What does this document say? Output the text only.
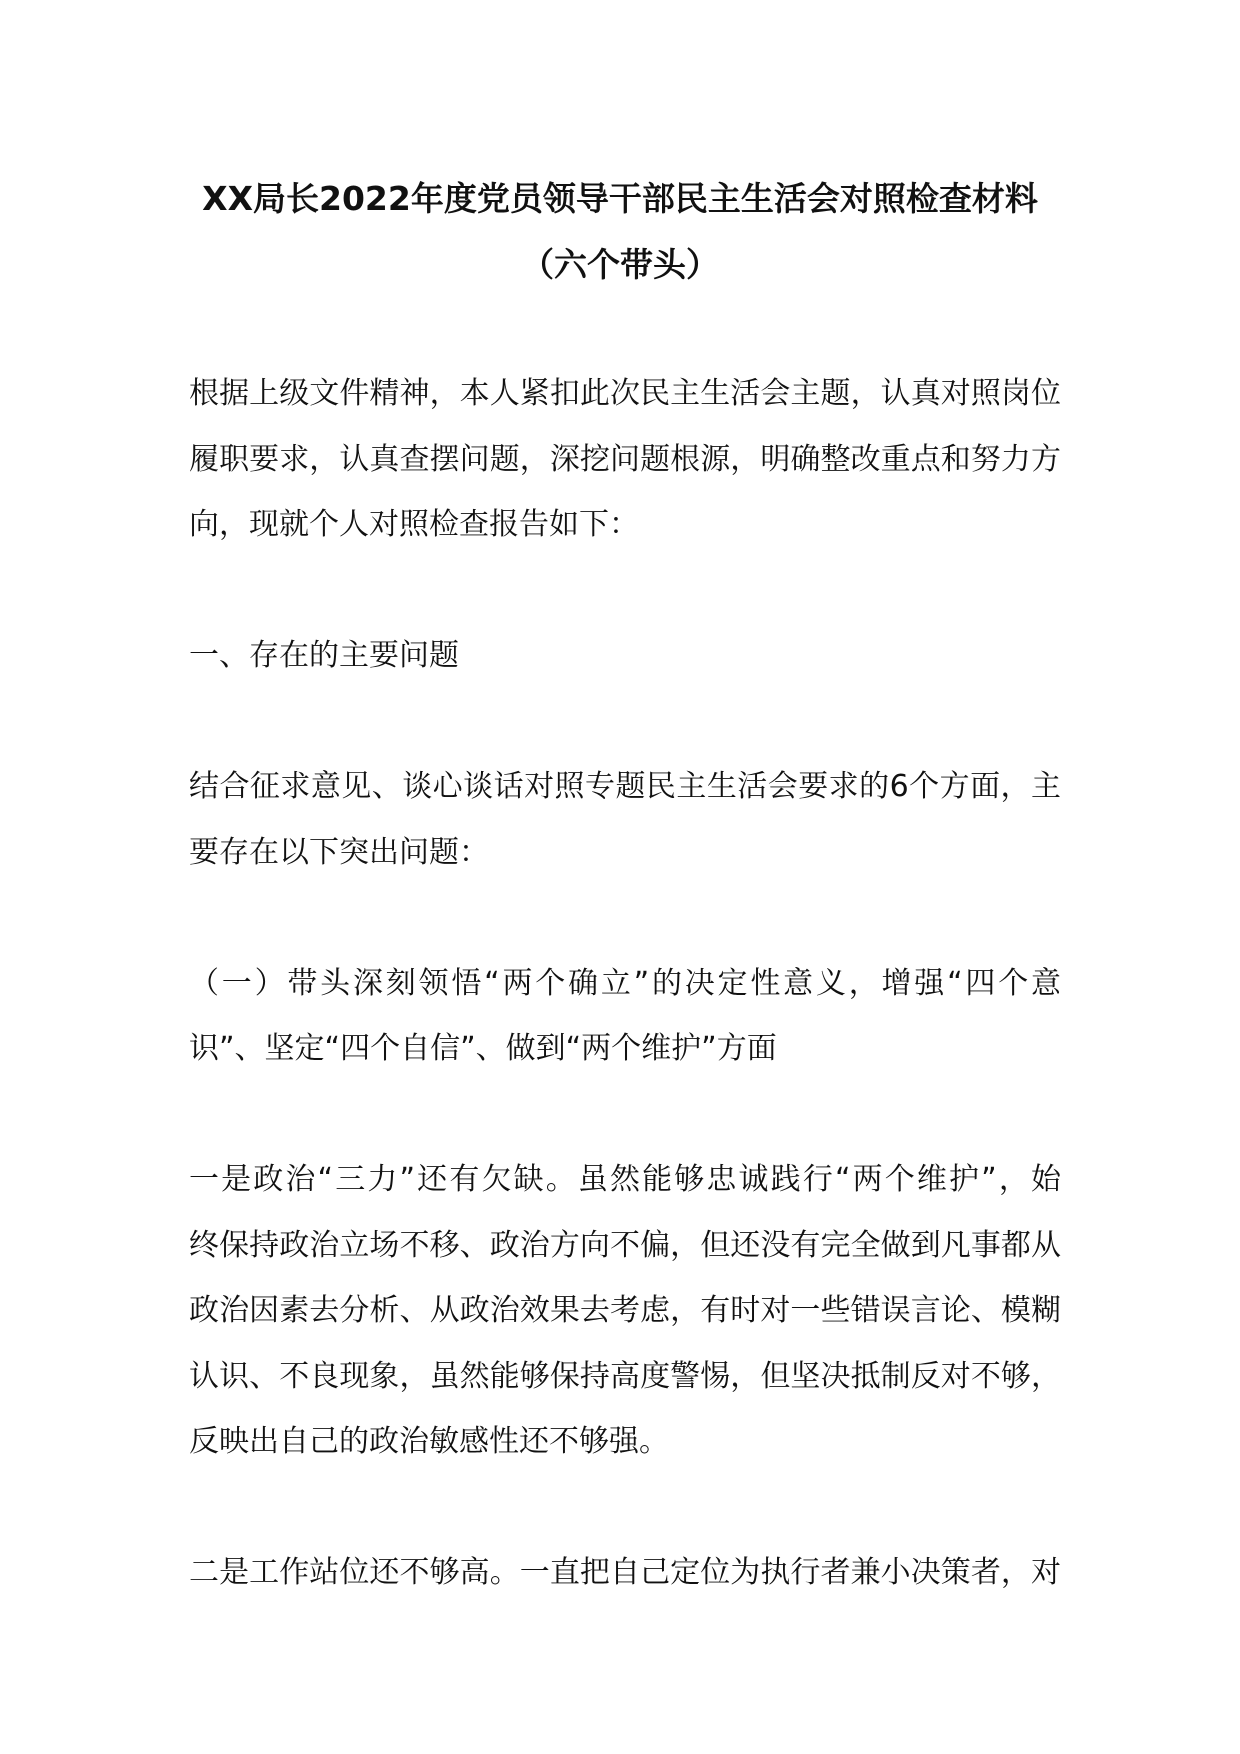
XX局长2022年度党员领导干部民主生活会对照检查材料
（六个带头）
根据上级文件精神，本人紧扣此次民主生活会主题，认真对照岗位
履职要求，认真查摆问题，深挖问题根源，明确整改重点和努力方
向，现就个人对照检查报告如下：
一、存在的主要问题
结合征求意见、谈心谈话对照专题民主生活会要求的6个方面，主
要存在以下突出问题：
（一）带头深刻领悟“两个确立”的决定性意义，增强“四个意
识”、坚定“四个自信”、做到“两个维护”方面
一是政治“三力”还有欠缺。虽然能够忠诚践行“两个维护”，始
终保持政治立场不移、政治方向不偏，但还没有完全做到凡事都从
政治因素去分析、从政治效果去考虑，有时对一些错误言论、模糊
认识、不良现象，虽然能够保持高度警惕，但坚决抵制反对不够，
反映出自己的政治敏感性还不够强。
二是工作站位还不够高。一直把自己定位为执行者兼小决策者，对
